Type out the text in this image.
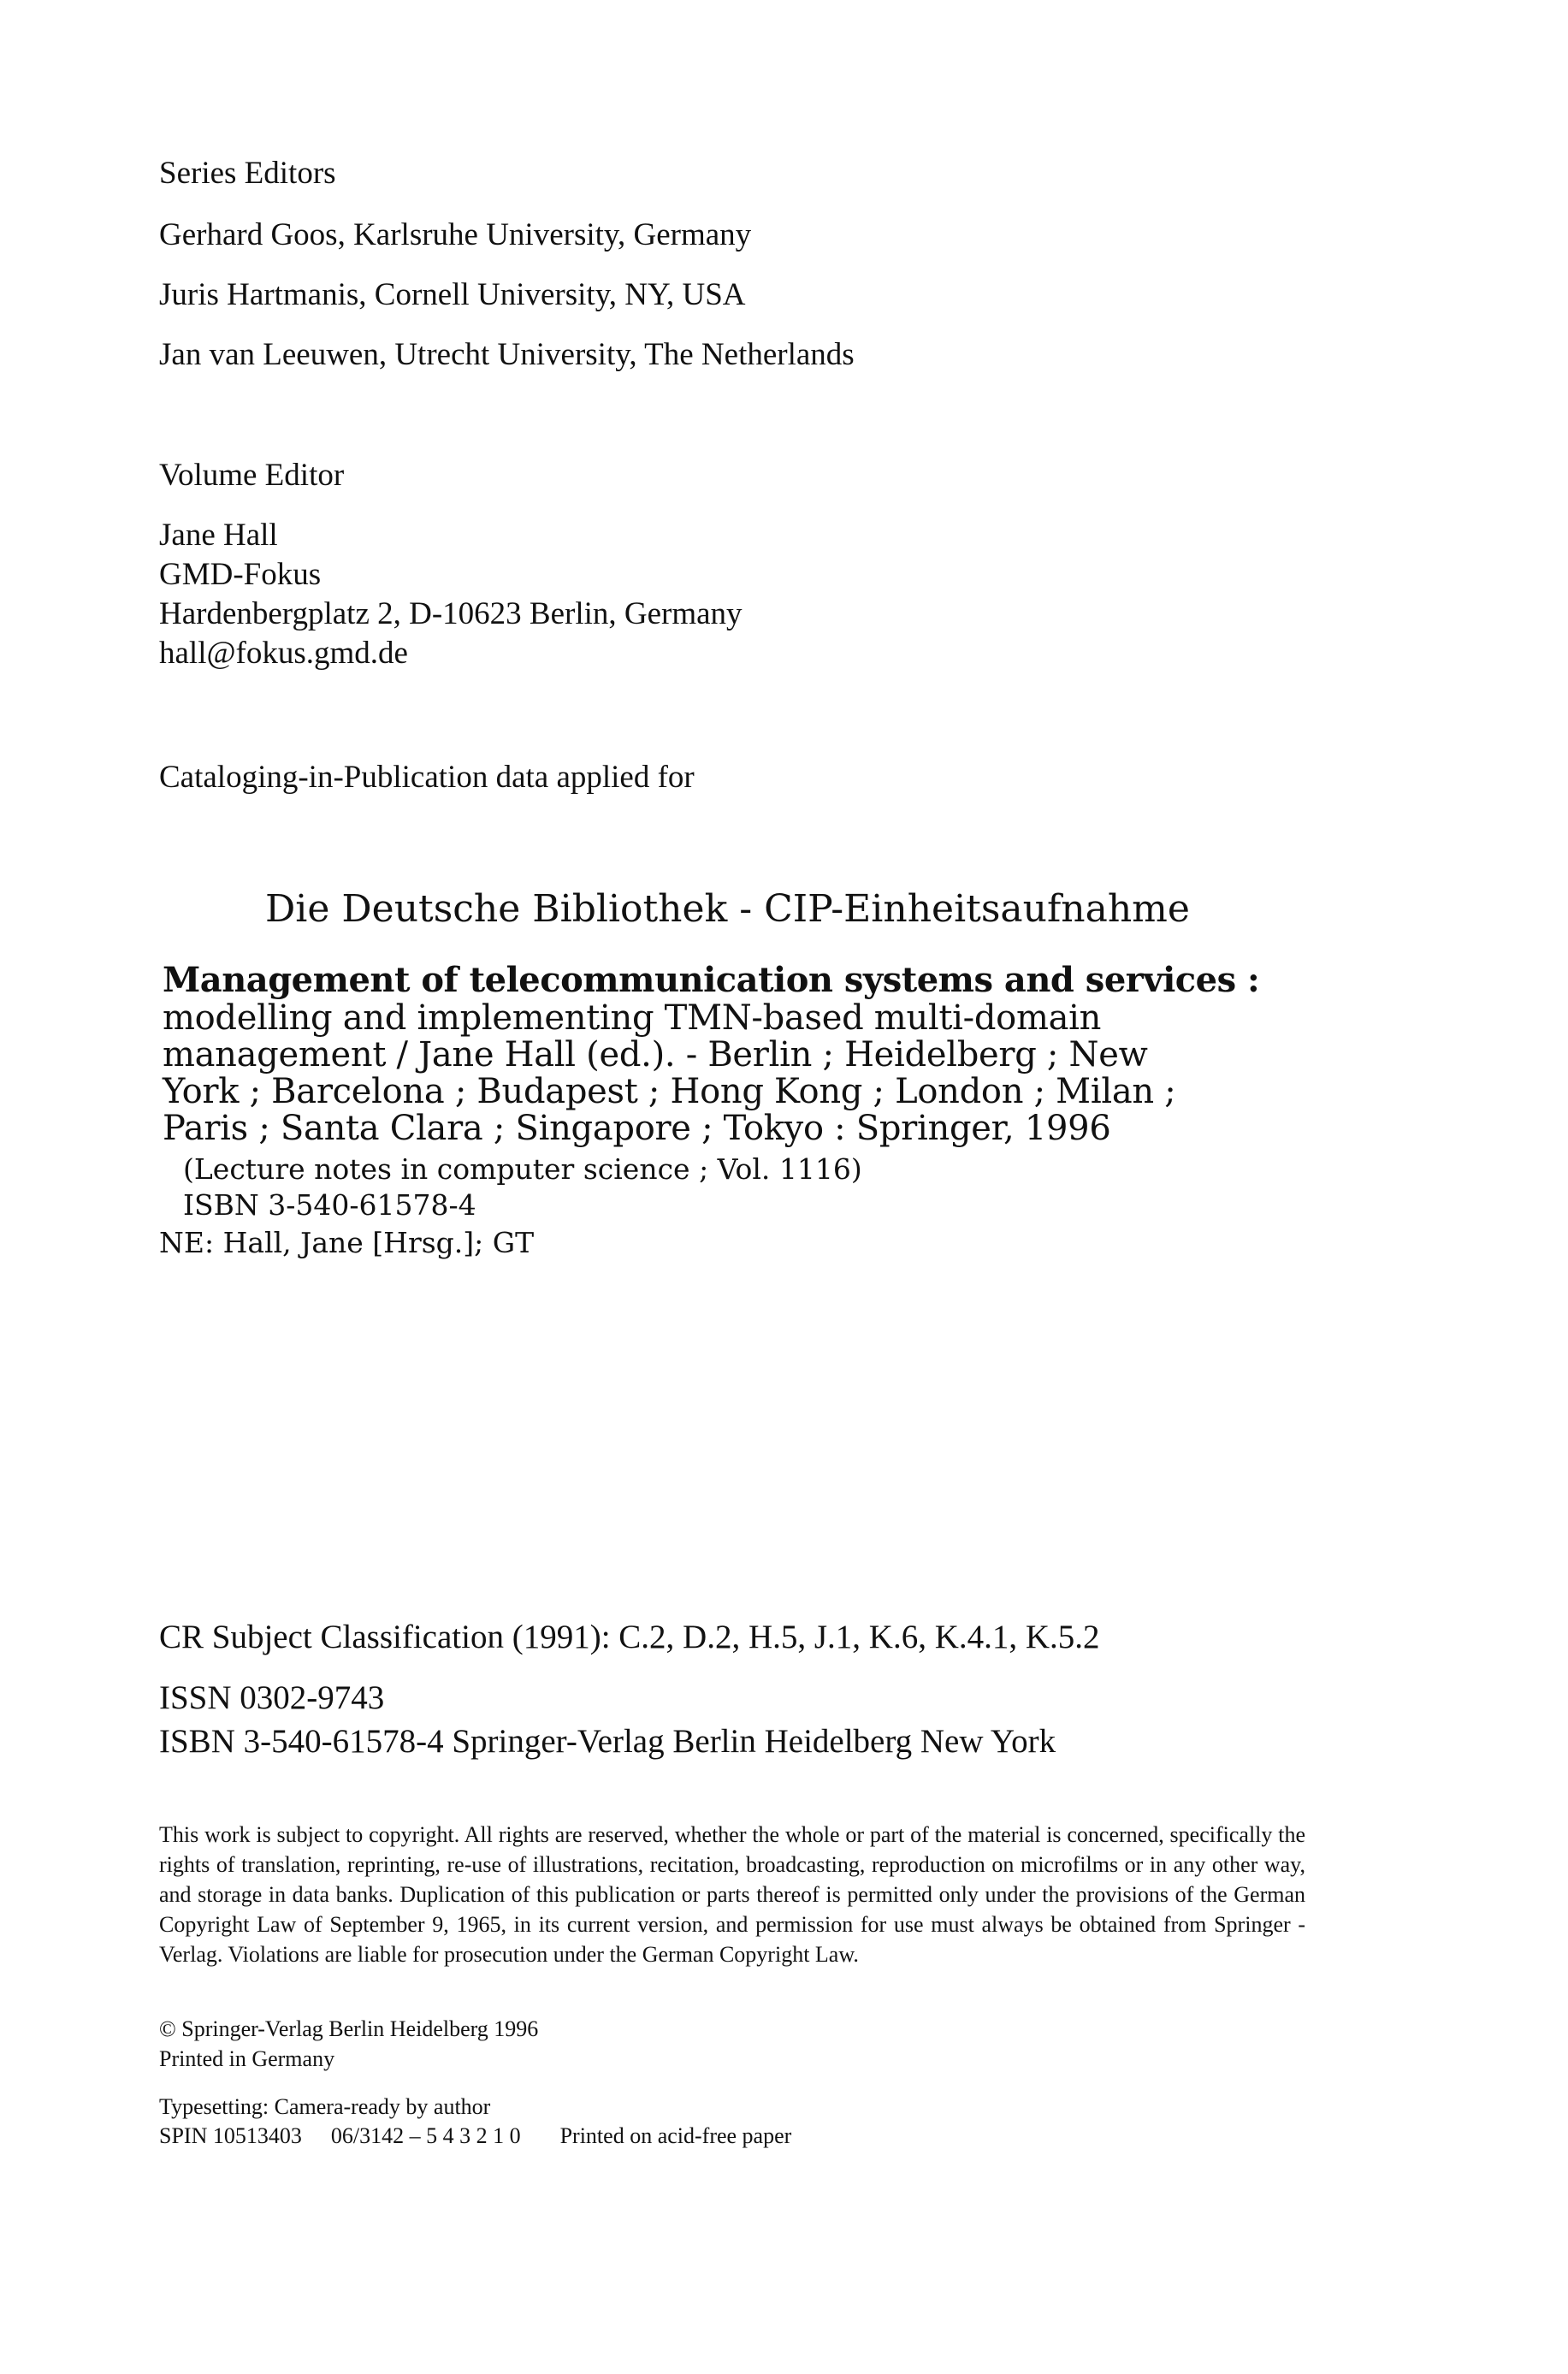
Series Editors
Gerhard Goos, Karlsruhe University, Germany
Juris Hartmanis, Cornell University, NY, USA
Jan van Leeuwen, Utrecht University, The Netherlands
Volume Editor
Jane Hall
GMD-Fokus
Hardenbergplatz 2, D-10623 Berlin, Germany
hall@fokus.gmd.de
Cataloging-in-Publication data applied for
Die Deutsche Bibliothek - CIP-Einheitsaufnahme
Management of telecommunication systems and services :
modelling and implementing TMN-based multi-domain
management / Jane Hall (ed.). - Berlin ; Heidelberg ; New
York ; Barcelona ; Budapest ; Hong Kong ; London ; Milan ;
Paris ; Santa Clara ; Singapore ; Tokyo : Springer, 1996
(Lecture notes in computer science ; Vol. 1116)
ISBN 3-540-61578-4
NE: Hall, Jane [Hrsg.]; GT
CR Subject Classification (1991): C.2, D.2, H.5, J.1, K.6, K.4.1, K.5.2
ISSN 0302-9743
ISBN 3-540-61578-4 Springer-Verlag Berlin Heidelberg New York
This work is subject to copyright. All rights are reserved, whether the whole or part of the material is concerned, specifically the rights of translation, reprinting, re-use of illustrations, recitation, broadcasting, reproduction on microfilms or in any other way, and storage in data banks. Duplication of this publication or parts thereof is permitted only under the provisions of the German Copyright Law of September 9, 1965, in its current version, and permission for use must always be obtained from Springer -Verlag. Violations are liable for prosecution under the German Copyright Law.
© Springer-Verlag Berlin Heidelberg 1996
Printed in Germany
Typesetting: Camera-ready by author
SPIN 10513403 06/3142 – 5 4 3 2 1 0 Printed on acid-free paper
